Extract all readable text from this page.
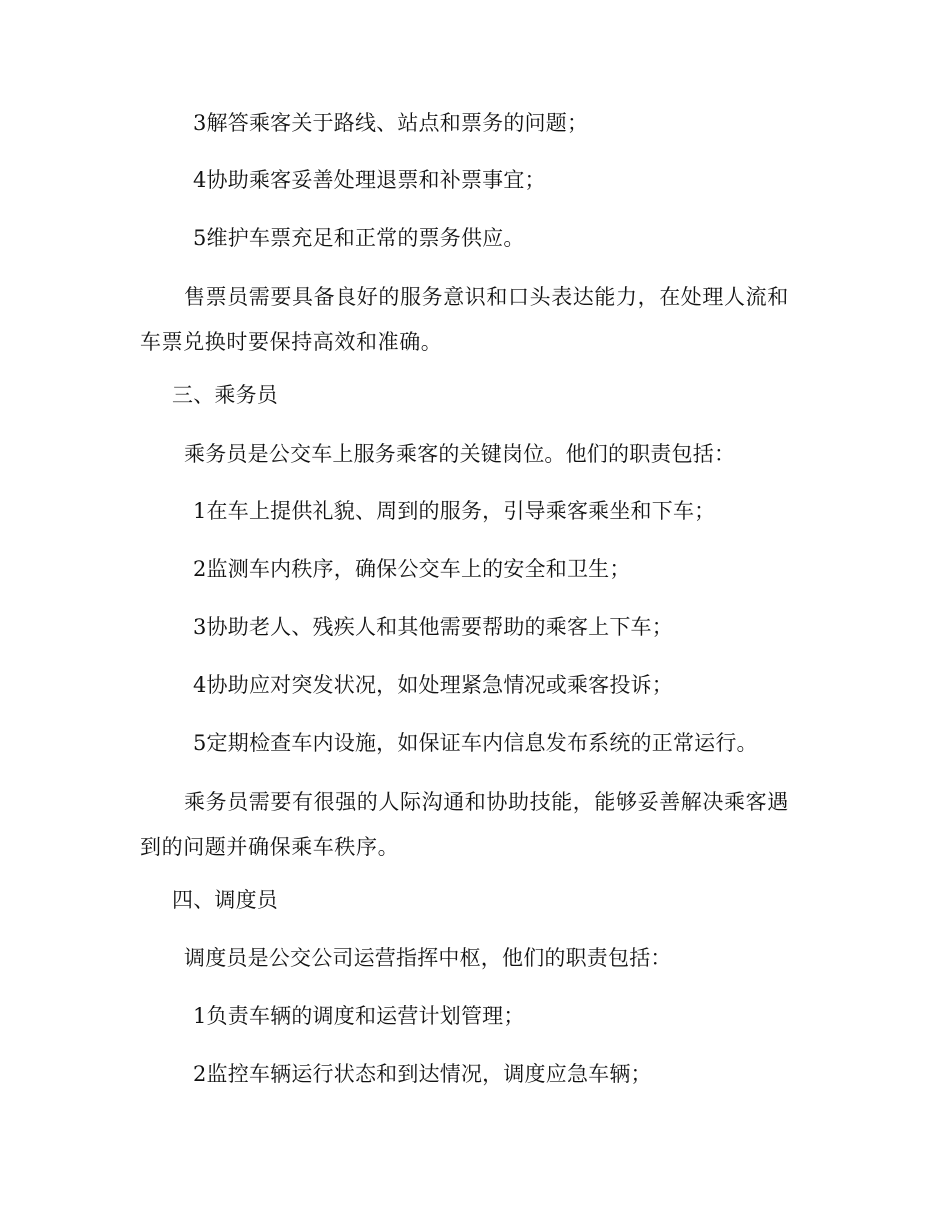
3解答乘客关于路线、站点和票务的问题；
4协助乘客妥善处理退票和补票事宜；
5维护车票充足和正常的票务供应。
售票员需要具备良好的服务意识和口头表达能力，在处理人流和车票兑换时要保持高效和准确。
三、乘务员
乘务员是公交车上服务乘客的关键岗位。他们的职责包括：
1在车上提供礼貌、周到的服务，引导乘客乘坐和下车；
2监测车内秩序，确保公交车上的安全和卫生；
3协助老人、残疾人和其他需要帮助的乘客上下车；
4协助应对突发状况，如处理紧急情况或乘客投诉；
5定期检查车内设施，如保证车内信息发布系统的正常运行。
乘务员需要有很强的人际沟通和协助技能，能够妥善解决乘客遇到的问题并确保乘车秩序。
四、调度员
调度员是公交公司运营指挥中枢，他们的职责包括：
1负责车辆的调度和运营计划管理；
2监控车辆运行状态和到达情况，调度应急车辆；
